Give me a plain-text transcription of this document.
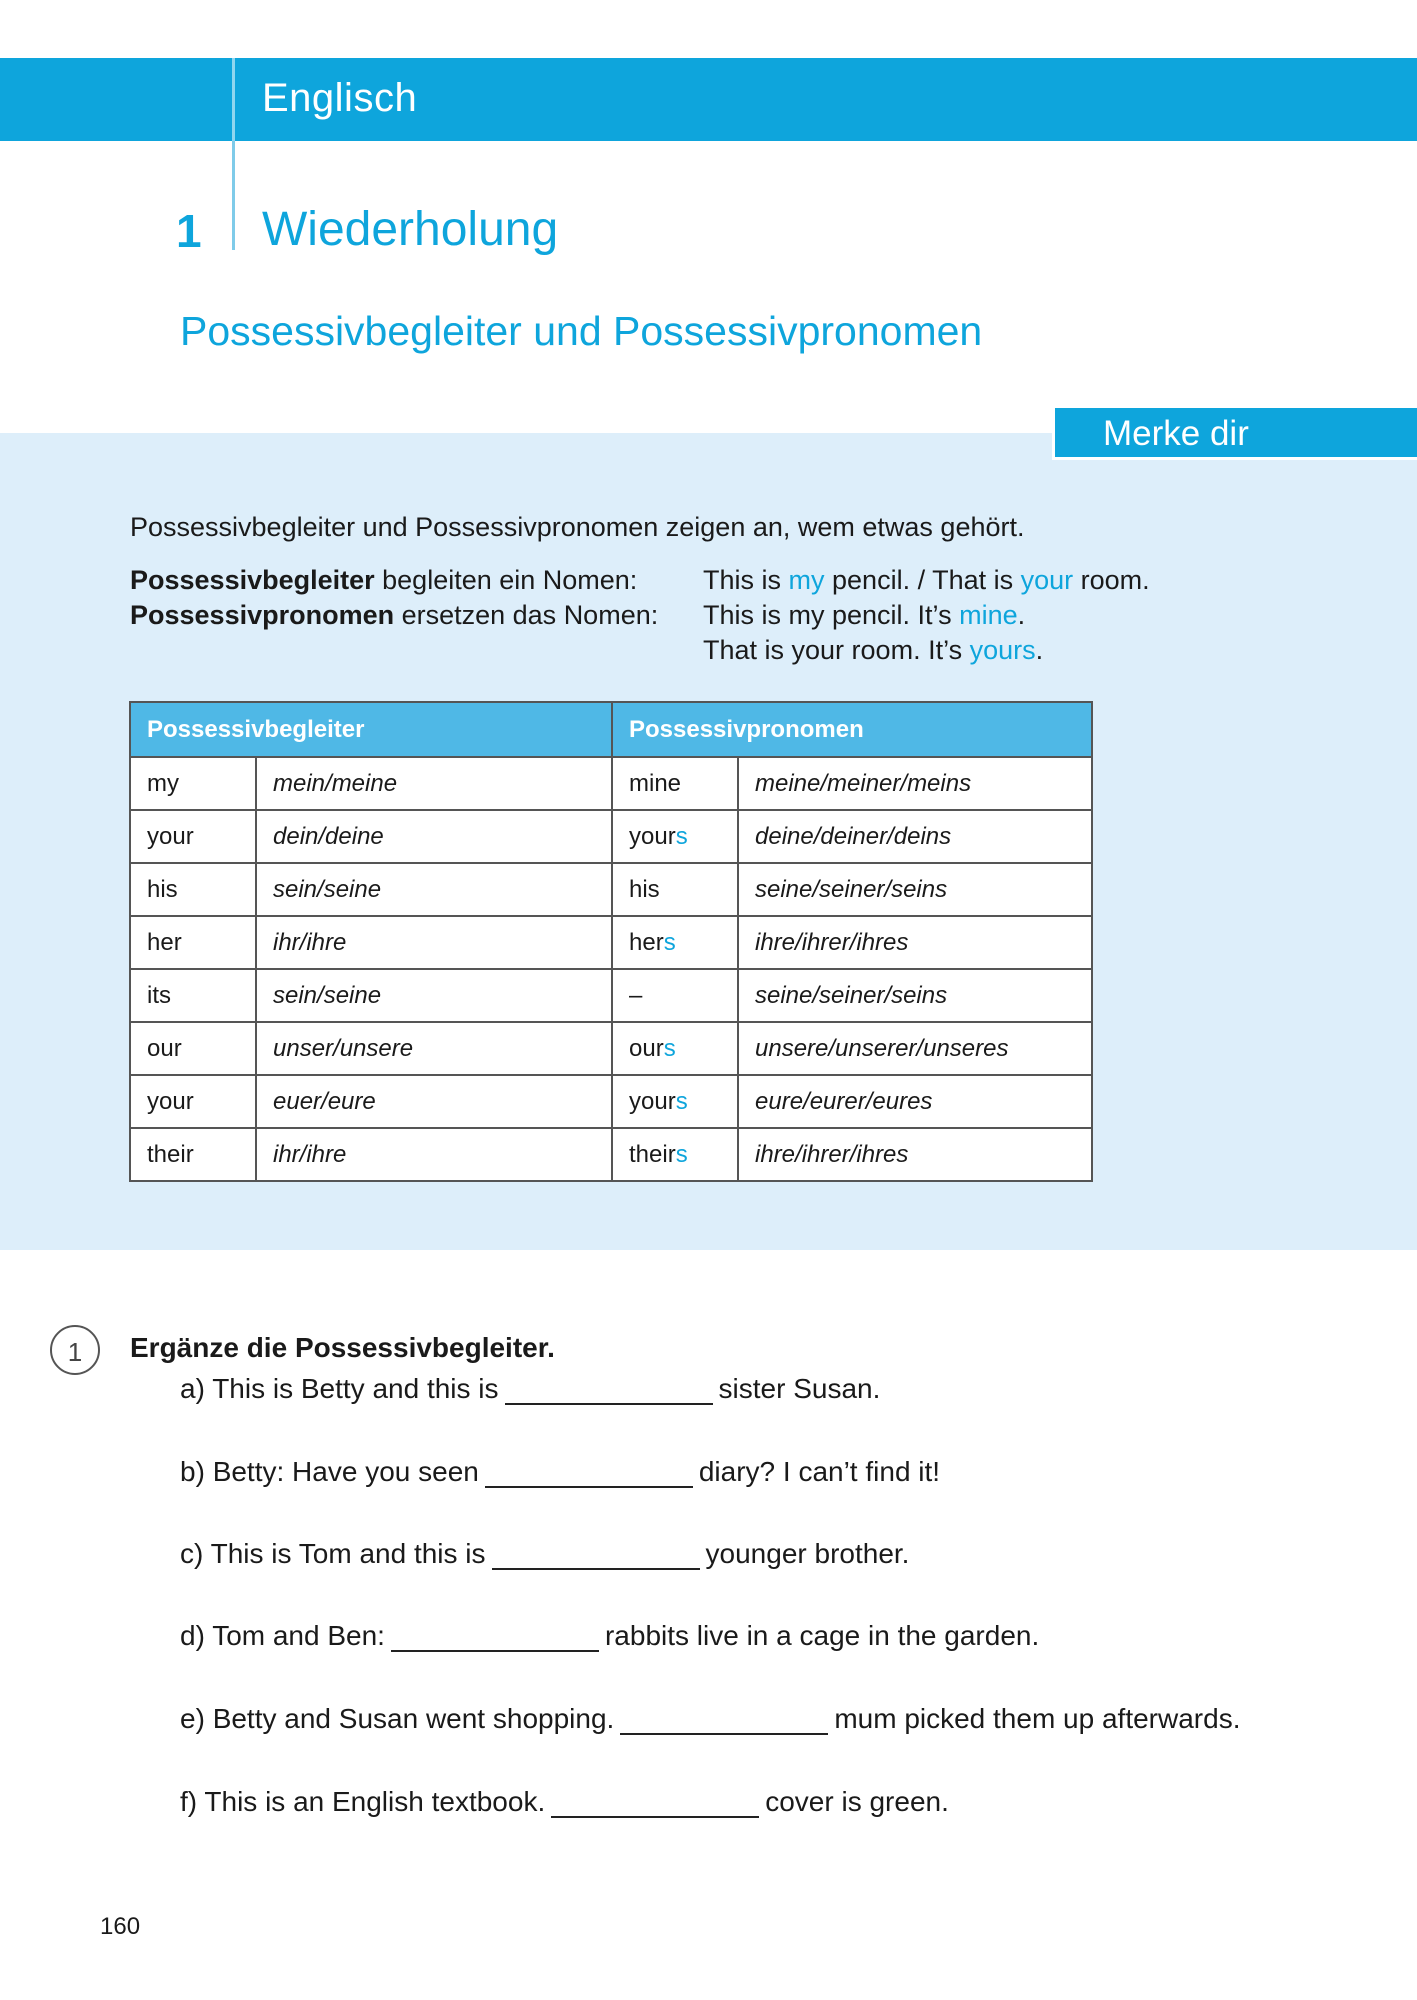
Englisch
1 Wiederholung
Possessivbegleiter und Possessivpronomen
Merke dir
Possessivbegleiter und Possessivpronomen zeigen an, wem etwas gehört.
Possessivbegleiter begleiten ein Nomen:
Possessivpronomen ersetzen das Nomen:
This is my pencil. / That is your room.
This is my pencil. It’s mine.
That is your room. It’s yours.
Possessivbegleiter		Possessivpronomen	
my	mein/meine	mine	meine/meiner/meins
your	dein/deine	yours	deine/deiner/deins
his	sein/seine	his	seine/seiner/seins
her	ihr/ihre	hers	ihre/ihrer/ihres
its	sein/seine	–	seine/seiner/seins
our	unser/unsere	ours	unsere/unserer/unseres
your	euer/eure	yours	eure/eurer/eures
their	ihr/ihre	theirs	ihre/ihrer/ihres
1	Ergänze die Possessivbegleiter.
a) This is Betty and this is	sister Susan.
b) Betty: Have you seen	diary? I can’t find it!
c) This is Tom and this is	younger brother.
d) Tom and Ben:	rabbits live in a cage in the garden.
e) Betty and Susan went shopping.	mum picked them up afterwards.
f) This is an English textbook.	cover is green.
160
